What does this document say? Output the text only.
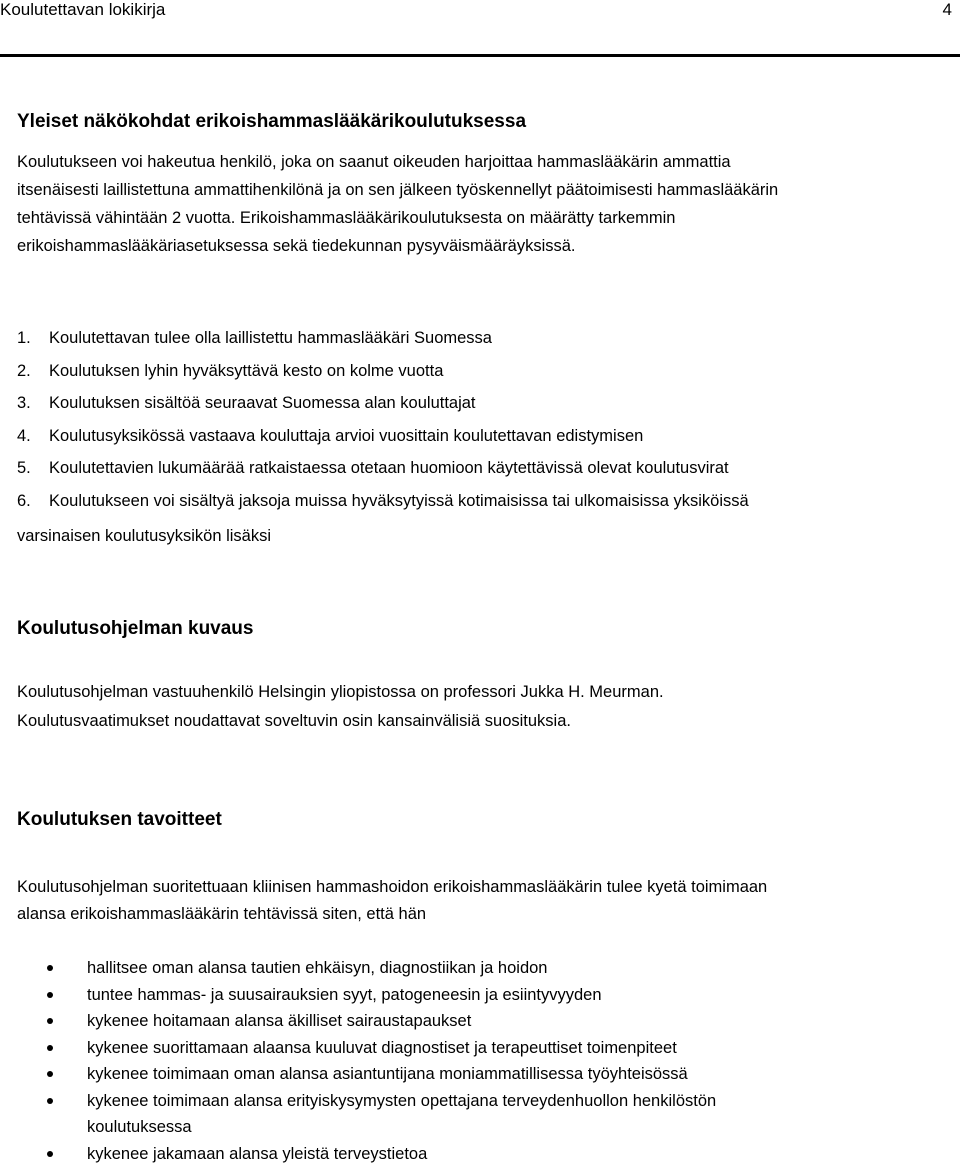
Koulutettavan lokikirja	4
Yleiset näkökohdat erikoishammaslääkärikoulutuksessa

Koulutukseen voi hakeutua henkilö, joka on saanut oikeuden harjoittaa hammaslääkärin ammattia

itsenäisesti laillistettuna ammattihenkilönä ja on sen jälkeen työskennellyt päätoimisesti hammaslääkärin

tehtävissä vähintään 2 vuotta. Erikoishammaslääkärikoulutuksesta on määrätty tarkemmin

erikoishammaslääkäriasetuksessa sekä tiedekunnan pysyväismääräyksissä.

1.	Koulutettavan tulee olla laillistettu hammaslääkäri Suomessa
2.	Koulutuksen lyhin hyväksyttävä kesto on kolme vuotta
3.	Koulutuksen sisältöä seuraavat Suomessa alan kouluttajat
4.	Koulutusyksikössä vastaava kouluttaja arvioi vuosittain koulutettavan edistymisen
5.	Koulutettavien lukumäärää ratkaistaessa otetaan huomioon käytettävissä olevat koulutusvirat
6.	Koulutukseen voi sisältyä jaksoja muissa hyväksytyissä kotimaisissa tai ulkomaisissa yksiköissä
varsinaisen koulutusyksikön lisäksi
Koulutusohjelman kuvaus

Koulutusohjelman vastuuhenkilö Helsingin yliopistossa on professori Jukka H. Meurman.

Koulutusvaatimukset noudattavat soveltuvin osin kansainvälisiä suosituksia.

Koulutuksen tavoitteet

Koulutusohjelman suoritettuaan kliinisen hammashoidon erikoishammaslääkärin tulee kyetä toimimaan

alansa erikoishammaslääkärin tehtävissä siten, että hän

hallitsee oman alansa tautien ehkäisyn, diagnostiikan ja hoidon
tuntee hammas- ja suusairauksien syyt, patogeneesin ja esiintyvyyden
kykenee hoitamaan alansa äkilliset sairaustapaukset
kykenee suorittamaan alaansa kuuluvat diagnostiset ja terapeuttiset toimenpiteet
kykenee toimimaan oman alansa asiantuntijana moniammatillisessa työyhteisössä
kykenee toimimaan alansa erityiskysymysten opettajana terveydenhuollon henkilöstön koulutuksessa
kykenee jakamaan alansa yleistä terveystietoa
